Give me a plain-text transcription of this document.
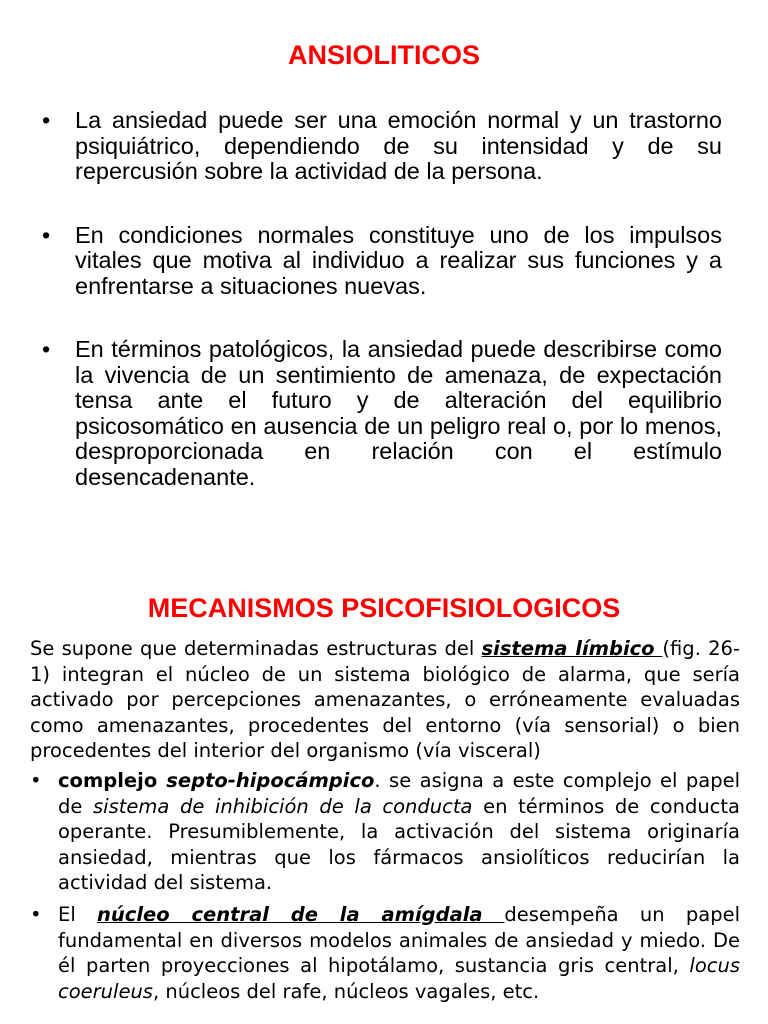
ANSIOLITICOS
•	La ansiedad puede ser una emoción normal y un trastorno psiquiátrico, dependiendo de su intensidad y de su repercusión sobre la actividad de la persona.
•	En condiciones normales constituye uno de los impulsos vitales que motiva al individuo a realizar sus funciones y a enfrentarse a situaciones nuevas.
•	En términos patológicos, la ansiedad puede describirse como la vivencia de un sentimiento de amenaza, de expectación tensa ante el futuro y de alteración del equilibrio psicosomático en ausencia de un peligro real o, por lo menos, desproporcionada en relación con el estímulo desencadenante.
MECANISMOS PSICOFISIOLOGICOS

Se supone que determinadas estructuras del sistema límbico (fig. 26-1) integran el núcleo de un sistema biológico de alarma, que sería activado por percepciones amenazantes, o erróneamente evaluadas como amenazantes, procedentes del entorno (vía sensorial) o bien procedentes del interior del organismo (vía visceral)

• complejo septo-hipocámpico. se asigna a este complejo el papel de sistema de inhibición de la conducta en términos de conducta operante. Presumiblemente, la activación del sistema originaría ansiedad, mientras que los fármacos ansiolíticos reducirían la actividad del sistema.
• El núcleo central de la amígdala desempeña un papel fundamental en diversos modelos animales de ansiedad y miedo. De él parten proyecciones al hipotálamo, sustancia gris central, locus coeruleus, núcleos del rafe, núcleos vagales, etc.
